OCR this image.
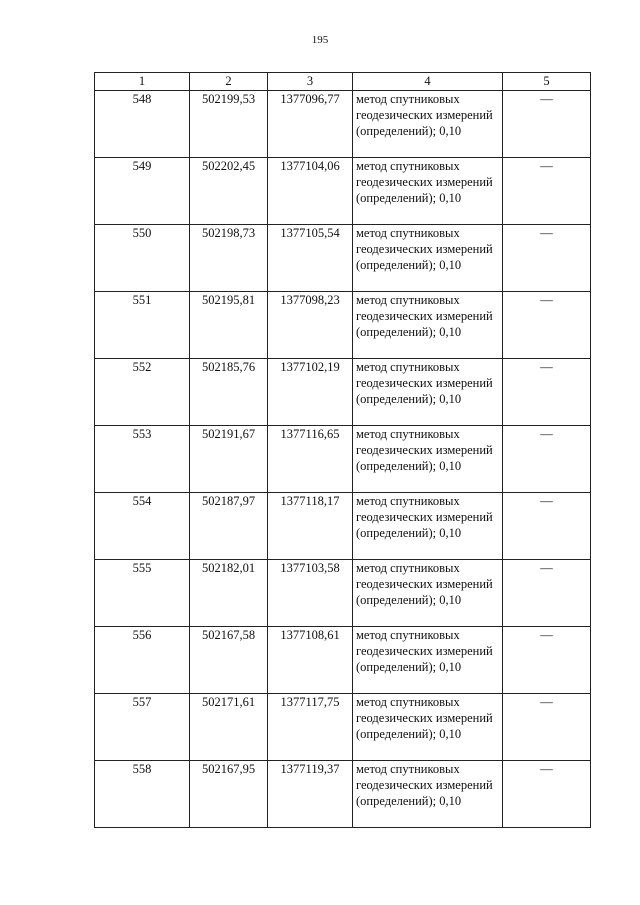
195
1	2	3	4	5
548	502199,53	1377096,77	метод спутниковых геодезических измерений (определений); 0,10	—
549	502202,45	1377104,06	метод спутниковых геодезических измерений (определений); 0,10	—
550	502198,73	1377105,54	метод спутниковых геодезических измерений (определений); 0,10	—
551	502195,81	1377098,23	метод спутниковых геодезических измерений (определений); 0,10	—
552	502185,76	1377102,19	метод спутниковых геодезических измерений (определений); 0,10	—
553	502191,67	1377116,65	метод спутниковых геодезических измерений (определений); 0,10	—
554	502187,97	1377118,17	метод спутниковых геодезических измерений (определений); 0,10	—
555	502182,01	1377103,58	метод спутниковых геодезических измерений (определений); 0,10	—
556	502167,58	1377108,61	метод спутниковых геодезических измерений (определений); 0,10	—
557	502171,61	1377117,75	метод спутниковых геодезических измерений (определений); 0,10	—
558	502167,95	1377119,37	метод спутниковых геодезических измерений (определений); 0,10	—
